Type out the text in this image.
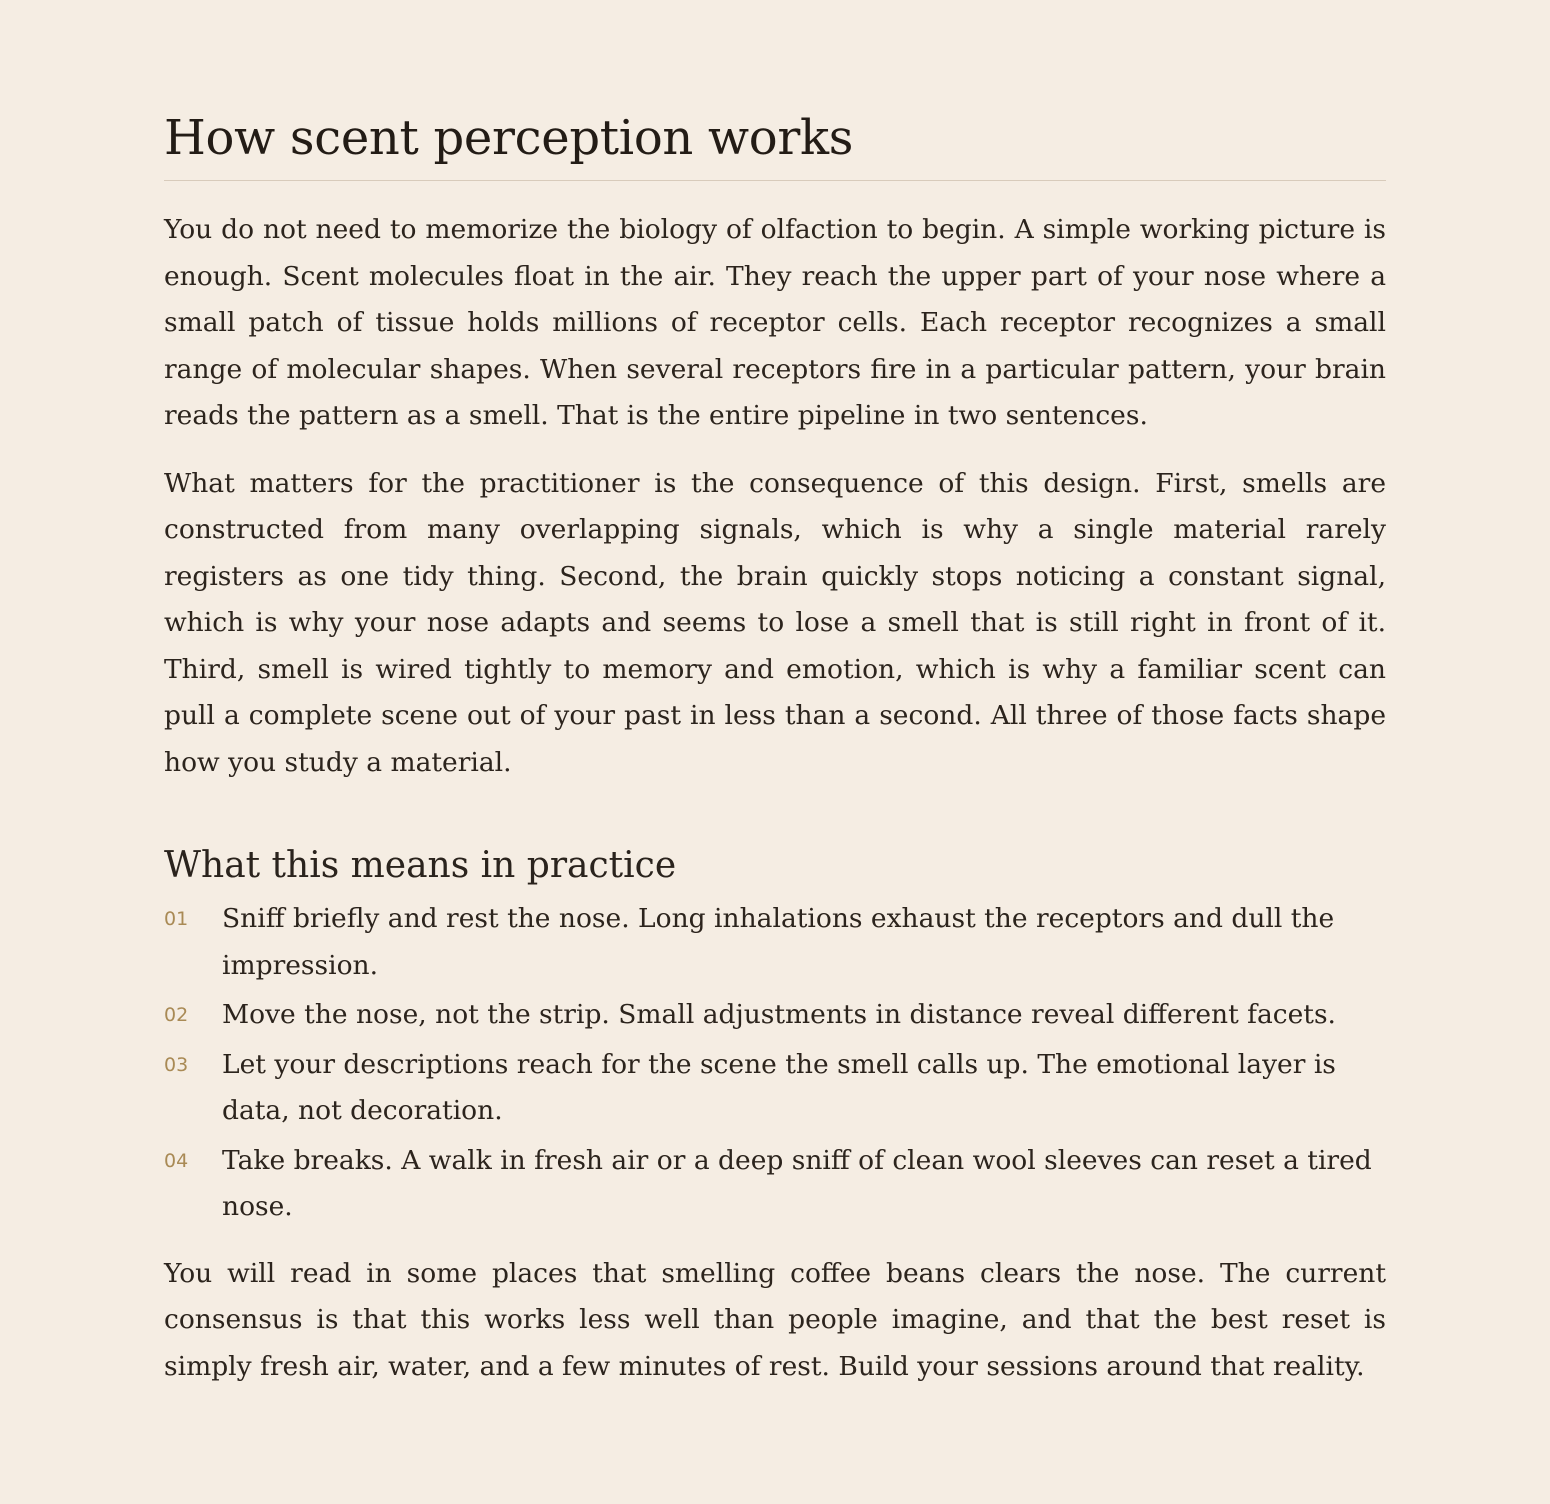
How scent perception works

You do not need to memorize the biology of olfaction to begin. A simple working picture is enough. Scent molecules float in the air. They reach the upper part of your nose where a small patch of tissue holds millions of receptor cells. Each receptor recognizes a small range of molecular shapes. When several receptors fire in a particular pattern, your brain reads the pattern as a smell. That is the entire pipeline in two sentences.

What matters for the practitioner is the consequence of this design. First, smells are constructed from many overlapping signals, which is why a single material rarely registers as one tidy thing. Second, the brain quickly stops noticing a constant signal, which is why your nose adapts and seems to lose a smell that is still right in front of it. Third, smell is wired tightly to memory and emotion, which is why a familiar scent can pull a complete scene out of your past in less than a second. All three of those facts shape how you study a material.

What this means in practice
01	Sniff briefly and rest the nose. Long inhalations exhaust the receptors and dull the impression.
02	Move the nose, not the strip. Small adjustments in distance reveal different facets.
03	Let your descriptions reach for the scene the smell calls up. The emotional layer is data, not decoration.
04	Take breaks. A walk in fresh air or a deep sniff of clean wool sleeves can reset a tired nose.

You will read in some places that smelling coffee beans clears the nose. The current consensus is that this works less well than people imagine, and that the best reset is simply fresh air, water, and a few minutes of rest. Build your sessions around that reality.
